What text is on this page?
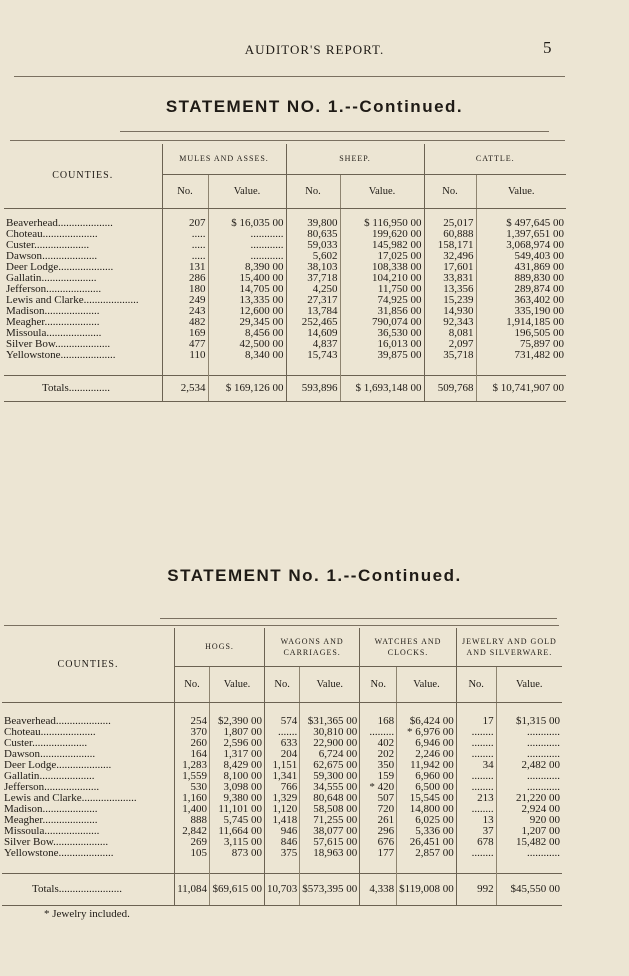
AUDITOR'S REPORT.	5
STATEMENT NO. 1.--Continued.
COUNTIES.	MULES AND ASSES.		SHEEP.		CATTLE.	
	No.	Value.	No.	Value.	No.	Value.
Beaverhead....................	207	$ 16,035 00	39,800	$ 116,950 00	25,017	$ 497,645 00
Choteau....................	.....	............	80,635	199,620 00	60,888	1,397,651 00
Custer....................	.....	............	59,033	145,982 00	158,171	3,068,974 00
Dawson....................	.....	............	5,602	17,025 00	32,496	549,403 00
Deer Lodge....................	131	8,390 00	38,103	108,338 00	17,601	431,869 00
Gallatin....................	286	15,400 00	37,718	104,210 00	33,831	889,830 00
Jefferson....................	180	14,705 00	4,250	11,750 00	13,356	289,874 00
Lewis and Clarke....................	249	13,335 00	27,317	74,925 00	15,239	363,402 00
Madison....................	243	12,600 00	13,784	31,856 00	14,930	335,190 00
Meagher....................	482	29,345 00	252,465	790,074 00	92,343	1,914,185 00
Missoula....................	169	8,456 00	14,609	36,530 00	8,081	196,505 00
Silver Bow....................	477	42,500 00	4,837	16,013 00	2,097	75,897 00
Yellowstone....................	110	8,340 00	15,743	39,875 00	35,718	731,482 00

Totals...............	2,534	$ 169,126 00	593,896	$ 1,693,148 00	509,768	$ 10,741,907 00
STATEMENT No. 1.--Continued.
COUNTIES.	HOGS.		WAGONS AND CARRIAGES.		WATCHES AND CLOCKS.		JEWELRY AND GOLD AND SILVERWARE.	
	No.	Value.	No.	Value.	No.	Value.	No.	Value.
Beaverhead....................	254	$2,390 00	574	$31,365 00	168	$6,424 00	17	$1,315 00
Choteau....................	370	1,807 00	.......	30,810 00	.........	* 6,976 00	........	............
Custer....................	260	2,596 00	633	22,900 00	402	6,946 00	........	............
Dawson....................	164	1,317 00	204	6,724 00	202	2,246 00	........	............
Deer Lodge....................	1,283	8,429 00	1,151	62,675 00	350	11,942 00	34	2,482 00
Gallatin....................	1,559	8,100 00	1,341	59,300 00	159	6,960 00	........	............
Jefferson....................	530	3,098 00	766	34,555 00	* 420	6,500 00	........	............
Lewis and Clarke....................	1,160	9,380 00	1,329	80,648 00	507	15,545 00	213	21,220 00
Madison....................	1,400	11,101 00	1,120	58,508 00	720	14,800 00	........	2,924 00
Meagher....................	888	5,745 00	1,418	71,255 00	261	6,025 00	13	920 00
Missoula....................	2,842	11,664 00	946	38,077 00	296	5,336 00	37	1,207 00
Silver Bow....................	269	3,115 00	846	57,615 00	676	26,451 00	678	15,482 00
Yellowstone....................	105	873 00	375	18,963 00	177	2,857 00	........	............

Totals.......................	11,084	$69,615 00	10,703	$573,395 00	4,338	$119,008 00	992	$45,550 00
* Jewelry included.
